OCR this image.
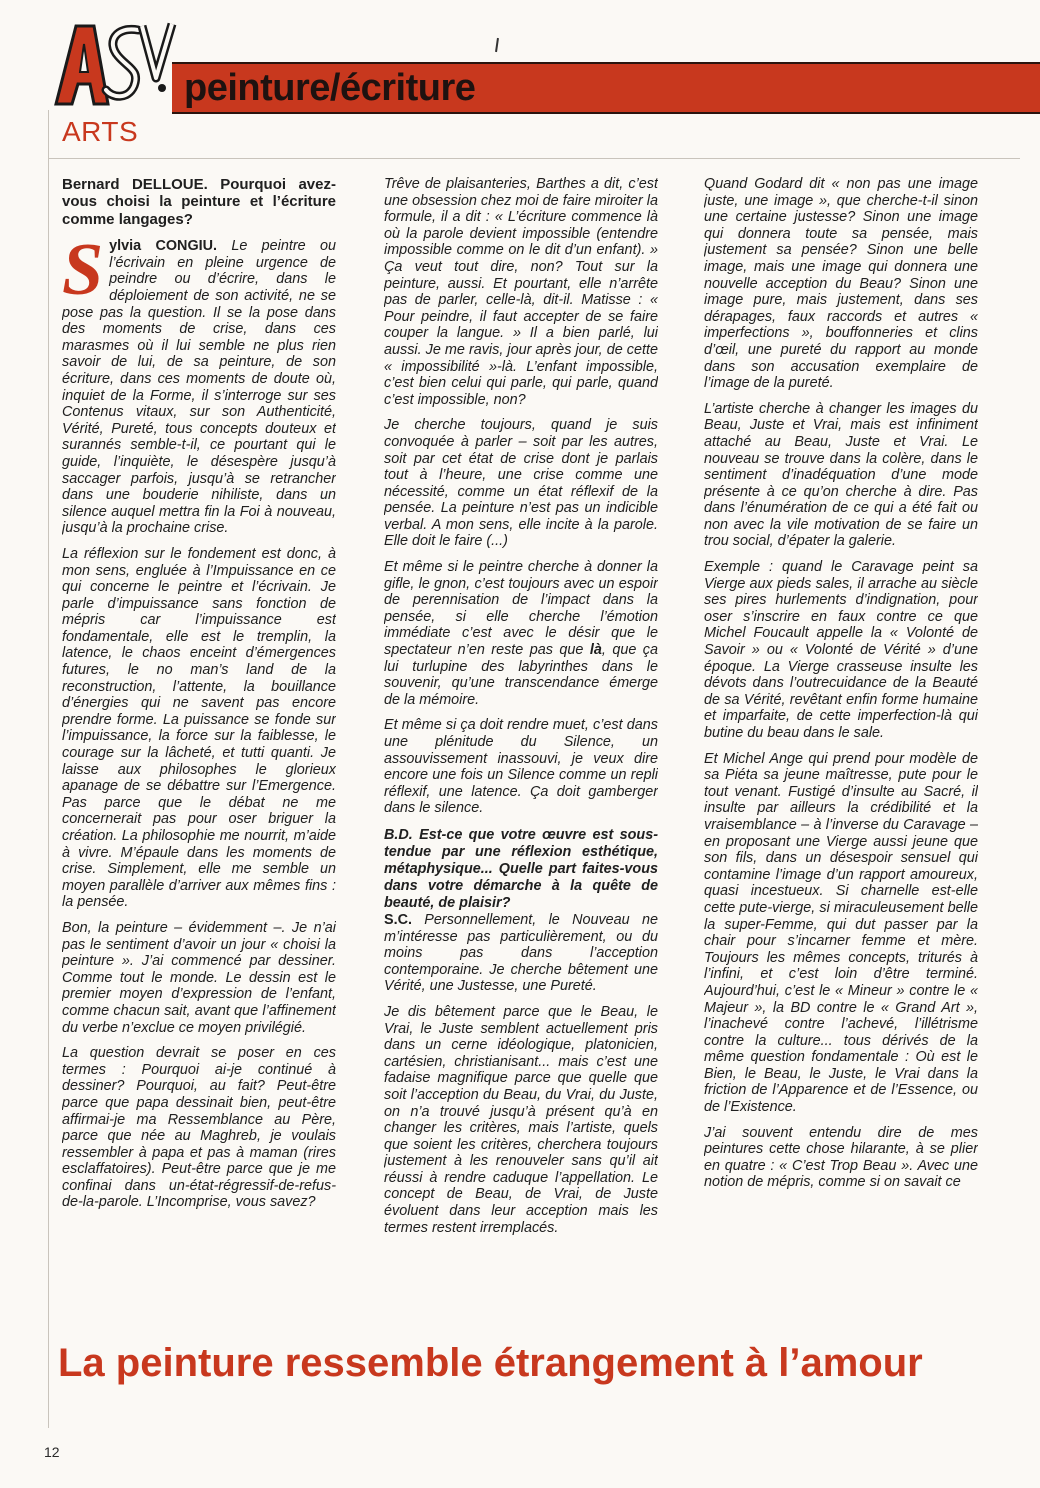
peinture/écriture
ARTS

Bernard DELLOUE. Pourquoi avez-vous choisi la peinture et l’écriture comme langages?

Sylvia CONGIU. Le peintre ou l’écrivain en pleine urgence de peindre ou d’écrire, dans le déploiement de son activité, ne se pose pas la question. Il se la pose dans des moments de crise, dans ces marasmes où il lui semble ne plus rien savoir de lui, de sa peinture, de son écriture, dans ces moments de doute où, inquiet de la Forme, il s’interroge sur ses Contenus vitaux, sur son Authenticité, Vérité, Pureté, tous concepts douteux et surannés semble-t-il, ce pourtant qui le guide, l’inquiète, le désespère jusqu’à saccager parfois, jusqu’à se retrancher dans une bouderie nihiliste, dans un silence auquel mettra fin la Foi à nouveau, jusqu’à la prochaine crise.

La réflexion sur le fondement est donc, à mon sens, engluée à l’Impuissance en ce qui concerne le peintre et l’écrivain. Je parle d’impuissance sans fonction de mépris car l’impuissance est fondamentale, elle est le tremplin, la latence, le chaos enceint d’émergences futures, le no man’s land de la reconstruction, l’attente, la bouillance d’énergies qui ne savent pas encore prendre forme. La puissance se fonde sur l’impuissance, la force sur la faiblesse, le courage sur la lâcheté, et tutti quanti. Je laisse aux philosophes le glorieux apanage de se débattre sur l’Emergence. Pas parce que le débat ne me concernerait pas pour oser briguer la création. La philosophie me nourrit, m’aide à vivre. M’épaule dans les moments de crise. Simplement, elle me semble un moyen parallèle d’arriver aux mêmes fins : la pensée.

Bon, la peinture – évidemment –. Je n’ai pas le sentiment d’avoir un jour « choisi la peinture ». J’ai commencé par dessiner. Comme tout le monde. Le dessin est le premier moyen d’expression de l’enfant, comme chacun sait, avant que l’affinement du verbe n’exclue ce moyen privilégié.

La question devrait se poser en ces termes : Pourquoi ai-je continué à dessiner? Pourquoi, au fait? Peut-être parce que papa dessinait bien, peut-être affirmai-je ma Ressemblance au Père, parce que née au Maghreb, je voulais ressembler à papa et pas à maman (rires esclaffatoires). Peut-être parce que je me confinai dans un-état-régressif-de-refus-de-la-parole. L’Incomprise, vous savez?

Trêve de plaisanteries, Barthes a dit, c’est une obsession chez moi de faire miroiter la formule, il a dit : « L’écriture commence là où la parole devient impossible (entendre impossible comme on le dit d’un enfant). » Ça veut tout dire, non? Tout sur la peinture, aussi. Et pourtant, elle n’arrête pas de parler, celle-là, dit-il. Matisse : « Pour peindre, il faut accepter de se faire couper la langue. » Il a bien parlé, lui aussi. Je me ravis, jour après jour, de cette « impossibilité »-là. L’enfant impossible, c’est bien celui qui parle, qui parle, quand c’est impossible, non?

Je cherche toujours, quand je suis convoquée à parler – soit par les autres, soit par cet état de crise dont je parlais tout à l’heure, une crise comme une nécessité, comme un état réflexif de la pensée. La peinture n’est pas un indicible verbal. A mon sens, elle incite à la parole. Elle doit le faire (...)

Et même si le peintre cherche à donner la gifle, le gnon, c’est toujours avec un espoir de perennisation de l’impact dans la pensée, si elle cherche l’émotion immédiate c’est avec le désir que le spectateur n’en reste pas que là, que ça lui turlupine des labyrinthes dans le souvenir, qu’une transcendance émerge de la mémoire.

Et même si ça doit rendre muet, c’est dans une plénitude du Silence, un assouvissement inassouvi, je veux dire encore une fois un Silence comme un repli réflexif, une latence. Ça doit gamberger dans le silence.

B.D. Est-ce que votre œuvre est sous-tendue par une réflexion esthétique, métaphysique... Quelle part faites-vous dans votre démarche à la quête de beauté, de plaisir?

S.C. Personnellement, le Nouveau ne m’intéresse pas particulièrement, ou du moins pas dans l’acception contemporaine. Je cherche bêtement une Vérité, une Justesse, une Pureté.

Je dis bêtement parce que le Beau, le Vrai, le Juste semblent actuellement pris dans un cerne idéologique, platonicien, cartésien, christianisant... mais c’est une fadaise magnifique parce que quelle que soit l’acception du Beau, du Vrai, du Juste, on n’a trouvé jusqu’à présent qu’à en changer les critères, mais l’artiste, quels que soient les critères, cherchera toujours justement à les renouveler sans qu’il ait réussi à rendre caduque l’appellation. Le concept de Beau, de Vrai, de Juste évoluent dans leur acception mais les termes restent irremplacés.

Quand Godard dit « non pas une image juste, une image », que cherche-t-il sinon une certaine justesse? Sinon une image qui donnera toute sa pensée, mais justement sa pensée? Sinon une belle image, mais une image qui donnera une nouvelle acception du Beau? Sinon une image pure, mais justement, dans ses dérapages, faux raccords et autres « imperfections », bouffonneries et clins d’œil, une pureté du rapport au monde dans son accusation exemplaire de l’image de la pureté.

L’artiste cherche à changer les images du Beau, Juste et Vrai, mais est infiniment attaché au Beau, Juste et Vrai. Le nouveau se trouve dans la colère, dans le sentiment d’inadéquation d’une mode présente à ce qu’on cherche à dire. Pas dans l’énumération de ce qui a été fait ou non avec la vile motivation de se faire un trou social, d’épater la galerie.

Exemple : quand le Caravage peint sa Vierge aux pieds sales, il arrache au siècle ses pires hurlements d’indignation, pour oser s’inscrire en faux contre ce que Michel Foucault appelle la « Volonté de Savoir » ou « Volonté de Vérité » d’une époque. La Vierge crasseuse insulte les dévots dans l’outrecuidance de la Beauté de sa Vérité, revêtant enfin forme humaine et imparfaite, de cette imperfection-là qui butine du beau dans le sale.

Et Michel Ange qui prend pour modèle de sa Piéta sa jeune maîtresse, pute pour le tout venant. Fustigé d’insulte au Sacré, il insulte par ailleurs la crédibilité et la vraisemblance – à l’inverse du Caravage – en proposant une Vierge aussi jeune que son fils, dans un désespoir sensuel qui contamine l’image d’un rapport amoureux, quasi incestueux. Si charnelle est-elle cette pute-vierge, si miraculeusement belle la super-Femme, qui dut passer par la chair pour s’incarner femme et mère. Toujours les mêmes concepts, triturés à l’infini, et c’est loin d’être terminé. Aujourd’hui, c’est le « Mineur » contre le « Majeur », la BD contre le « Grand Art », l’inachevé contre l’achevé, l’illétrisme contre la culture... tous dérivés de la même question fondamentale : Où est le Bien, le Beau, le Juste, le Vrai dans la friction de l’Apparence et de l’Essence, ou de l’Existence.

J’ai souvent entendu dire de mes peintures cette chose hilarante, à se plier en quatre : « C’est Trop Beau ». Avec une notion de mépris, comme si on savait ce

La peinture ressemble étrangement à l’amour
12
